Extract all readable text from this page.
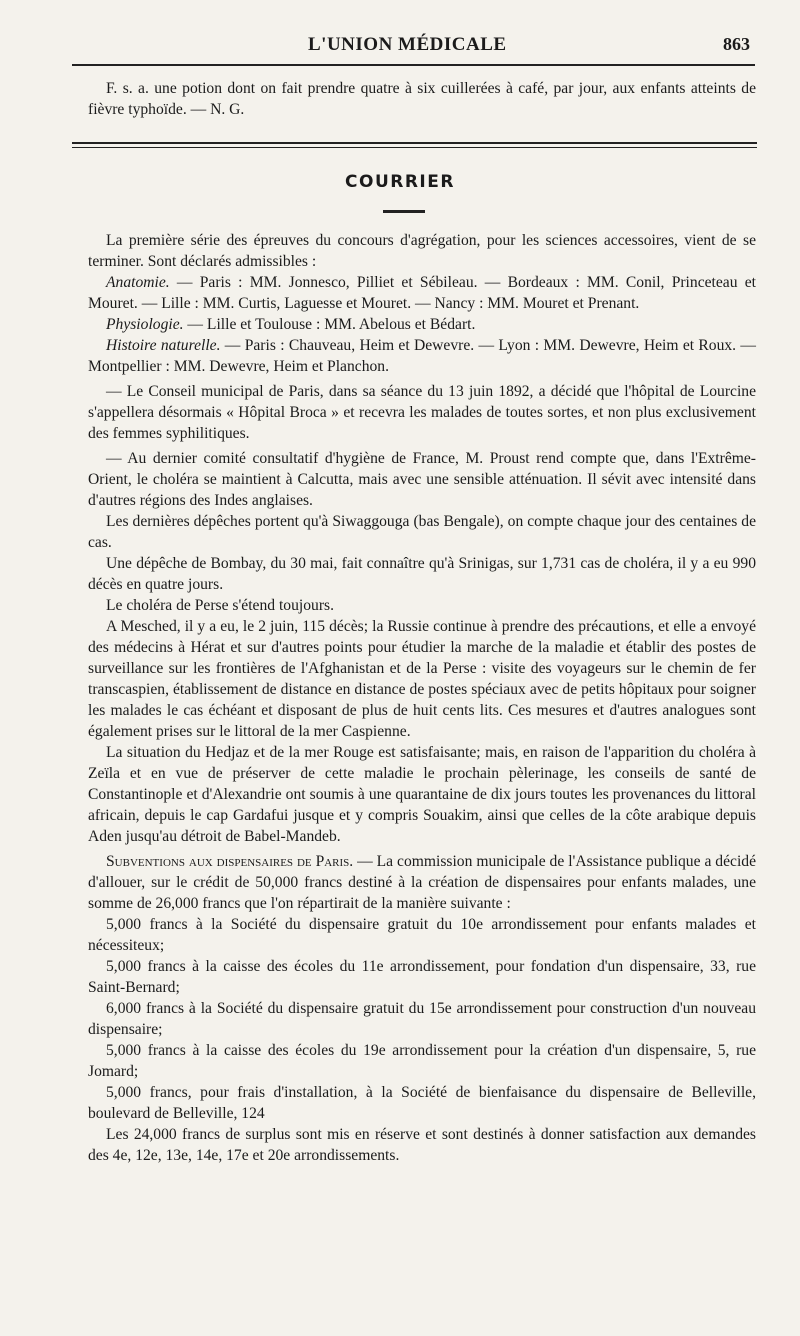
L'UNION MÉDICALE	863

F. s. a. une potion dont on fait prendre quatre à six cuillerées à café, par jour, aux enfants atteints de fièvre typhoïde. — N. G.

COURRIER

La première série des épreuves du concours d'agrégation, pour les sciences accessoires, vient de se terminer. Sont déclarés admissibles :

Anatomie. — Paris : MM. Jonnesco, Pilliet et Sébileau. — Bordeaux : MM. Conil, Princeteau et Mouret. — Lille : MM. Curtis, Laguesse et Mouret. — Nancy : MM. Mouret et Prenant.

Physiologie. — Lille et Toulouse : MM. Abelous et Bédart.

Histoire naturelle. — Paris : Chauveau, Heim et Dewevre. — Lyon : MM. Dewevre, Heim et Roux. — Montpellier : MM. Dewevre, Heim et Planchon.

— Le Conseil municipal de Paris, dans sa séance du 13 juin 1892, a décidé que l'hôpital de Lourcine s'appellera désormais « Hôpital Broca » et recevra les malades de toutes sortes, et non plus exclusivement des femmes syphilitiques.

— Au dernier comité consultatif d'hygiène de France, M. Proust rend compte que, dans l'Extrême-Orient, le choléra se maintient à Calcutta, mais avec une sensible atténuation. Il sévit avec intensité dans d'autres régions des Indes anglaises.

Les dernières dépêches portent qu'à Siwaggouga (bas Bengale), on compte chaque jour des centaines de cas.

Une dépêche de Bombay, du 30 mai, fait connaître qu'à Srinigas, sur 1,731 cas de choléra, il y a eu 990 décès en quatre jours.

Le choléra de Perse s'étend toujours.

A Mesched, il y a eu, le 2 juin, 115 décès; la Russie continue à prendre des précautions, et elle a envoyé des médecins à Hérat et sur d'autres points pour étudier la marche de la maladie et établir des postes de surveillance sur les frontières de l'Afghanistan et de la Perse : visite des voyageurs sur le chemin de fer transcaspien, établissement de distance en distance de postes spéciaux avec de petits hôpitaux pour soigner les malades le cas échéant et disposant de plus de huit cents lits. Ces mesures et d'autres analogues sont également prises sur le littoral de la mer Caspienne.

La situation du Hedjaz et de la mer Rouge est satisfaisante; mais, en raison de l'apparition du choléra à Zeïla et en vue de préserver de cette maladie le prochain pèlerinage, les conseils de santé de Constantinople et d'Alexandrie ont soumis à une quarantaine de dix jours toutes les provenances du littoral africain, depuis le cap Gardafui jusque et y compris Souakim, ainsi que celles de la côte arabique depuis Aden jusqu'au détroit de Babel-Mandeb.

Subventions aux dispensaires de Paris. — La commission municipale de l'Assistance publique a décidé d'allouer, sur le crédit de 50,000 francs destiné à la création de dispensaires pour enfants malades, une somme de 26,000 francs que l'on répartirait de la manière suivante :

5,000 francs à la Société du dispensaire gratuit du 10e arrondissement pour enfants malades et nécessiteux;

5,000 francs à la caisse des écoles du 11e arrondissement, pour fondation d'un dispensaire, 33, rue Saint-Bernard;

6,000 francs à la Société du dispensaire gratuit du 15e arrondissement pour construction d'un nouveau dispensaire;

5,000 francs à la caisse des écoles du 19e arrondissement pour la création d'un dispensaire, 5, rue Jomard;

5,000 francs, pour frais d'installation, à la Société de bienfaisance du dispensaire de Belleville, boulevard de Belleville, 124

Les 24,000 francs de surplus sont mis en réserve et sont destinés à donner satisfaction aux demandes des 4e, 12e, 13e, 14e, 17e et 20e arrondissements.
